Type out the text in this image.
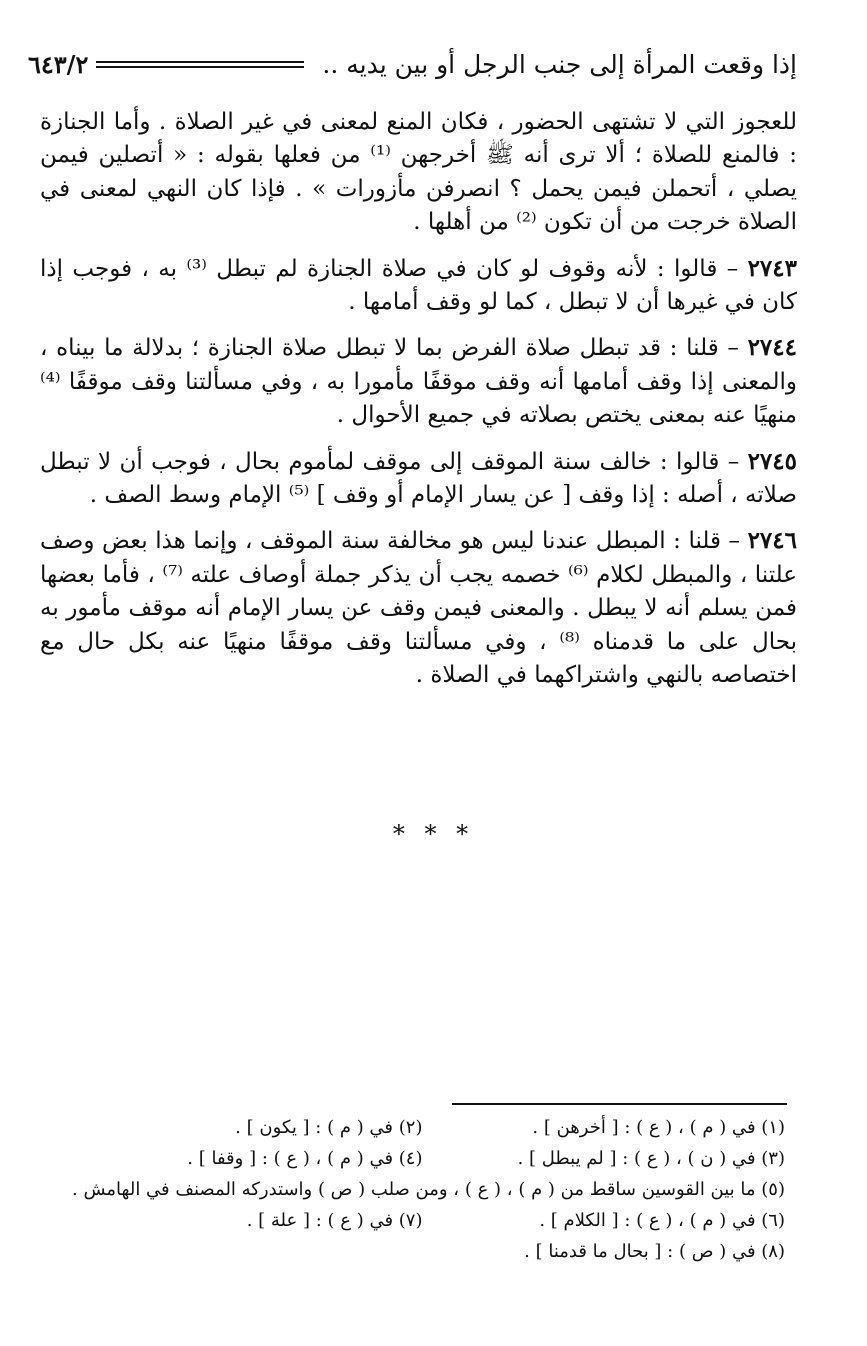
إذا وقعت المرأة إلى جنب الرجل أو بين يديه ..
٦٤٣/٢

للعجوز التي لا تشتهى الحضور ، فكان المنع لمعنى في غير الصلاة . وأما الجنازة : فالمنع للصلاة ؛ ألا ترى أنه ﷺ أخرجهن ⁽¹⁾ من فعلها بقوله : « أتصلين فيمن يصلي ، أتحملن فيمن يحمل ؟ انصرفن مأزورات » . فإذا كان النهي لمعنى في الصلاة خرجت من أن تكون ⁽²⁾ من أهلها .

٢٧٤٣ – قالوا : لأنه وقوف لو كان في صلاة الجنازة لم تبطل ⁽³⁾ به ، فوجب إذا كان في غيرها أن لا تبطل ، كما لو وقف أمامها .

٢٧٤٤ – قلنا : قد تبطل صلاة الفرض بما لا تبطل صلاة الجنازة ؛ بدلالة ما بيناه ، والمعنى إذا وقف أمامها أنه وقف موقفًا مأمورا به ، وفي مسألتنا وقف موقفًا ⁽⁴⁾ منهيًا عنه بمعنى يختص بصلاته في جميع الأحوال .

٢٧٤٥ – قالوا : خالف سنة الموقف إلى موقف لمأموم بحال ، فوجب أن لا تبطل صلاته ، أصله : إذا وقف [ عن يسار الإمام أو وقف ] ⁽⁵⁾ الإمام وسط الصف .

٢٧٤٦ – قلنا : المبطل عندنا ليس هو مخالفة سنة الموقف ، وإنما هذا بعض وصف علتنا ، والمبطل لكلام ⁽⁶⁾ خصمه يجب أن يذكر جملة أوصاف علته ⁽⁷⁾ ، فأما بعضها فمن يسلم أنه لا يبطل . والمعنى فيمن وقف عن يسار الإمام أنه موقف مأمور به بحال على ما قدمناه ⁽⁸⁾ ، وفي مسألتنا وقف موقفًا منهيًا عنه بكل حال مع اختصاصه بالنهي واشتراكهما في الصلاة .

* * *
(١) في ( م ) ، ( ع ) : [ أخرهن ] .
(٢) في ( م ) : [ يكون ] .
(٣) في ( ن ) ، ( ع ) : [ لم يبطل ] .
(٤) في ( م ) ، ( ع ) : [ وقفا ] .
(٥) ما بين القوسين ساقط من ( م ) ، ( ع ) ، ومن صلب ( ص ) واستدركه المصنف في الهامش .
(٦) في ( م ) ، ( ع ) : [ الكلام ] .
(٧) في ( ع ) : [ علة ] .
(٨) في ( ص ) : [ بحال ما قدمنا ] .
